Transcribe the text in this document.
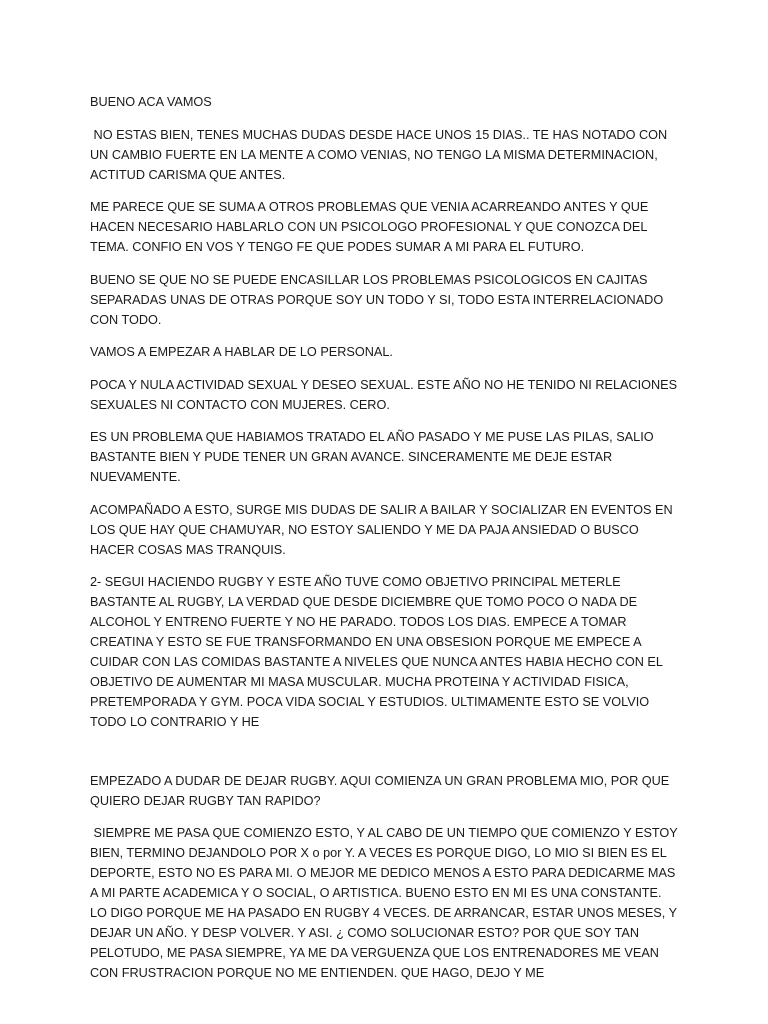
BUENO ACA VAMOS

NO ESTAS BIEN, TENES MUCHAS DUDAS DESDE HACE UNOS 15 DIAS.. TE HAS NOTADO CON UN CAMBIO FUERTE EN LA MENTE A COMO VENIAS, NO TENGO LA MISMA DETERMINACION, ACTITUD CARISMA QUE ANTES.

ME PARECE QUE SE SUMA A OTROS PROBLEMAS QUE VENIA ACARREANDO ANTES Y QUE HACEN NECESARIO HABLARLO CON UN PSICOLOGO PROFESIONAL Y QUE CONOZCA DEL TEMA. CONFIO EN VOS Y TENGO FE QUE PODES SUMAR A MI PARA EL FUTURO.

BUENO SE QUE NO SE PUEDE ENCASILLAR LOS PROBLEMAS PSICOLOGICOS EN CAJITAS SEPARADAS UNAS DE OTRAS PORQUE SOY UN TODO Y SI, TODO ESTA INTERRELACIONADO CON TODO.

VAMOS A EMPEZAR A HABLAR DE LO PERSONAL.

POCA Y NULA ACTIVIDAD SEXUAL Y DESEO SEXUAL. ESTE AÑO NO HE TENIDO NI RELACIONES SEXUALES NI CONTACTO CON MUJERES. CERO.

ES UN PROBLEMA QUE HABIAMOS TRATADO EL AÑO PASADO Y ME PUSE LAS PILAS, SALIO BASTANTE BIEN Y PUDE TENER UN GRAN AVANCE. SINCERAMENTE ME DEJE ESTAR NUEVAMENTE.

ACOMPAÑADO A ESTO, SURGE MIS DUDAS DE SALIR A BAILAR Y SOCIALIZAR EN EVENTOS EN LOS QUE HAY QUE CHAMUYAR, NO ESTOY SALIENDO Y ME DA PAJA ANSIEDAD O BUSCO HACER COSAS MAS TRANQUIS.

2- SEGUI HACIENDO RUGBY Y ESTE AÑO TUVE COMO OBJETIVO PRINCIPAL METERLE BASTANTE AL RUGBY, LA VERDAD QUE DESDE DICIEMBRE QUE TOMO POCO O NADA DE ALCOHOL Y ENTRENO FUERTE Y NO HE PARADO. TODOS LOS DIAS. EMPECE A TOMAR CREATINA Y ESTO SE FUE TRANSFORMANDO EN UNA OBSESION PORQUE ME EMPECE A CUIDAR CON LAS COMIDAS BASTANTE A NIVELES QUE NUNCA ANTES HABIA HECHO CON EL OBJETIVO DE AUMENTAR MI MASA MUSCULAR. MUCHA PROTEINA Y ACTIVIDAD FISICA, PRETEMPORADA Y GYM. POCA VIDA SOCIAL Y ESTUDIOS. ULTIMAMENTE ESTO SE VOLVIO TODO LO CONTRARIO Y HE

EMPEZADO A DUDAR DE DEJAR RUGBY. AQUI COMIENZA UN GRAN PROBLEMA MIO, POR QUE QUIERO DEJAR RUGBY TAN RAPIDO?

SIEMPRE ME PASA QUE COMIENZO ESTO, Y AL CABO DE UN TIEMPO QUE COMIENZO Y ESTOY BIEN, TERMINO DEJANDOLO POR X o por Y. A VECES ES PORQUE DIGO, LO MIO SI BIEN ES EL DEPORTE, ESTO NO ES PARA MI. O MEJOR ME DEDICO MENOS A ESTO PARA DEDICARME MAS A MI PARTE ACADEMICA Y O SOCIAL, O ARTISTICA. BUENO ESTO EN MI ES UNA CONSTANTE. LO DIGO PORQUE ME HA PASADO EN RUGBY 4 VECES. DE ARRANCAR, ESTAR UNOS MESES, Y DEJAR UN AÑO. Y DESP VOLVER. Y ASI. ¿ COMO SOLUCIONAR ESTO? POR QUE SOY TAN PELOTUDO, ME PASA SIEMPRE, YA ME DA VERGUENZA QUE LOS ENTRENADORES ME VEAN CON FRUSTRACION PORQUE NO ME ENTIENDEN. QUE HAGO, DEJO Y ME
